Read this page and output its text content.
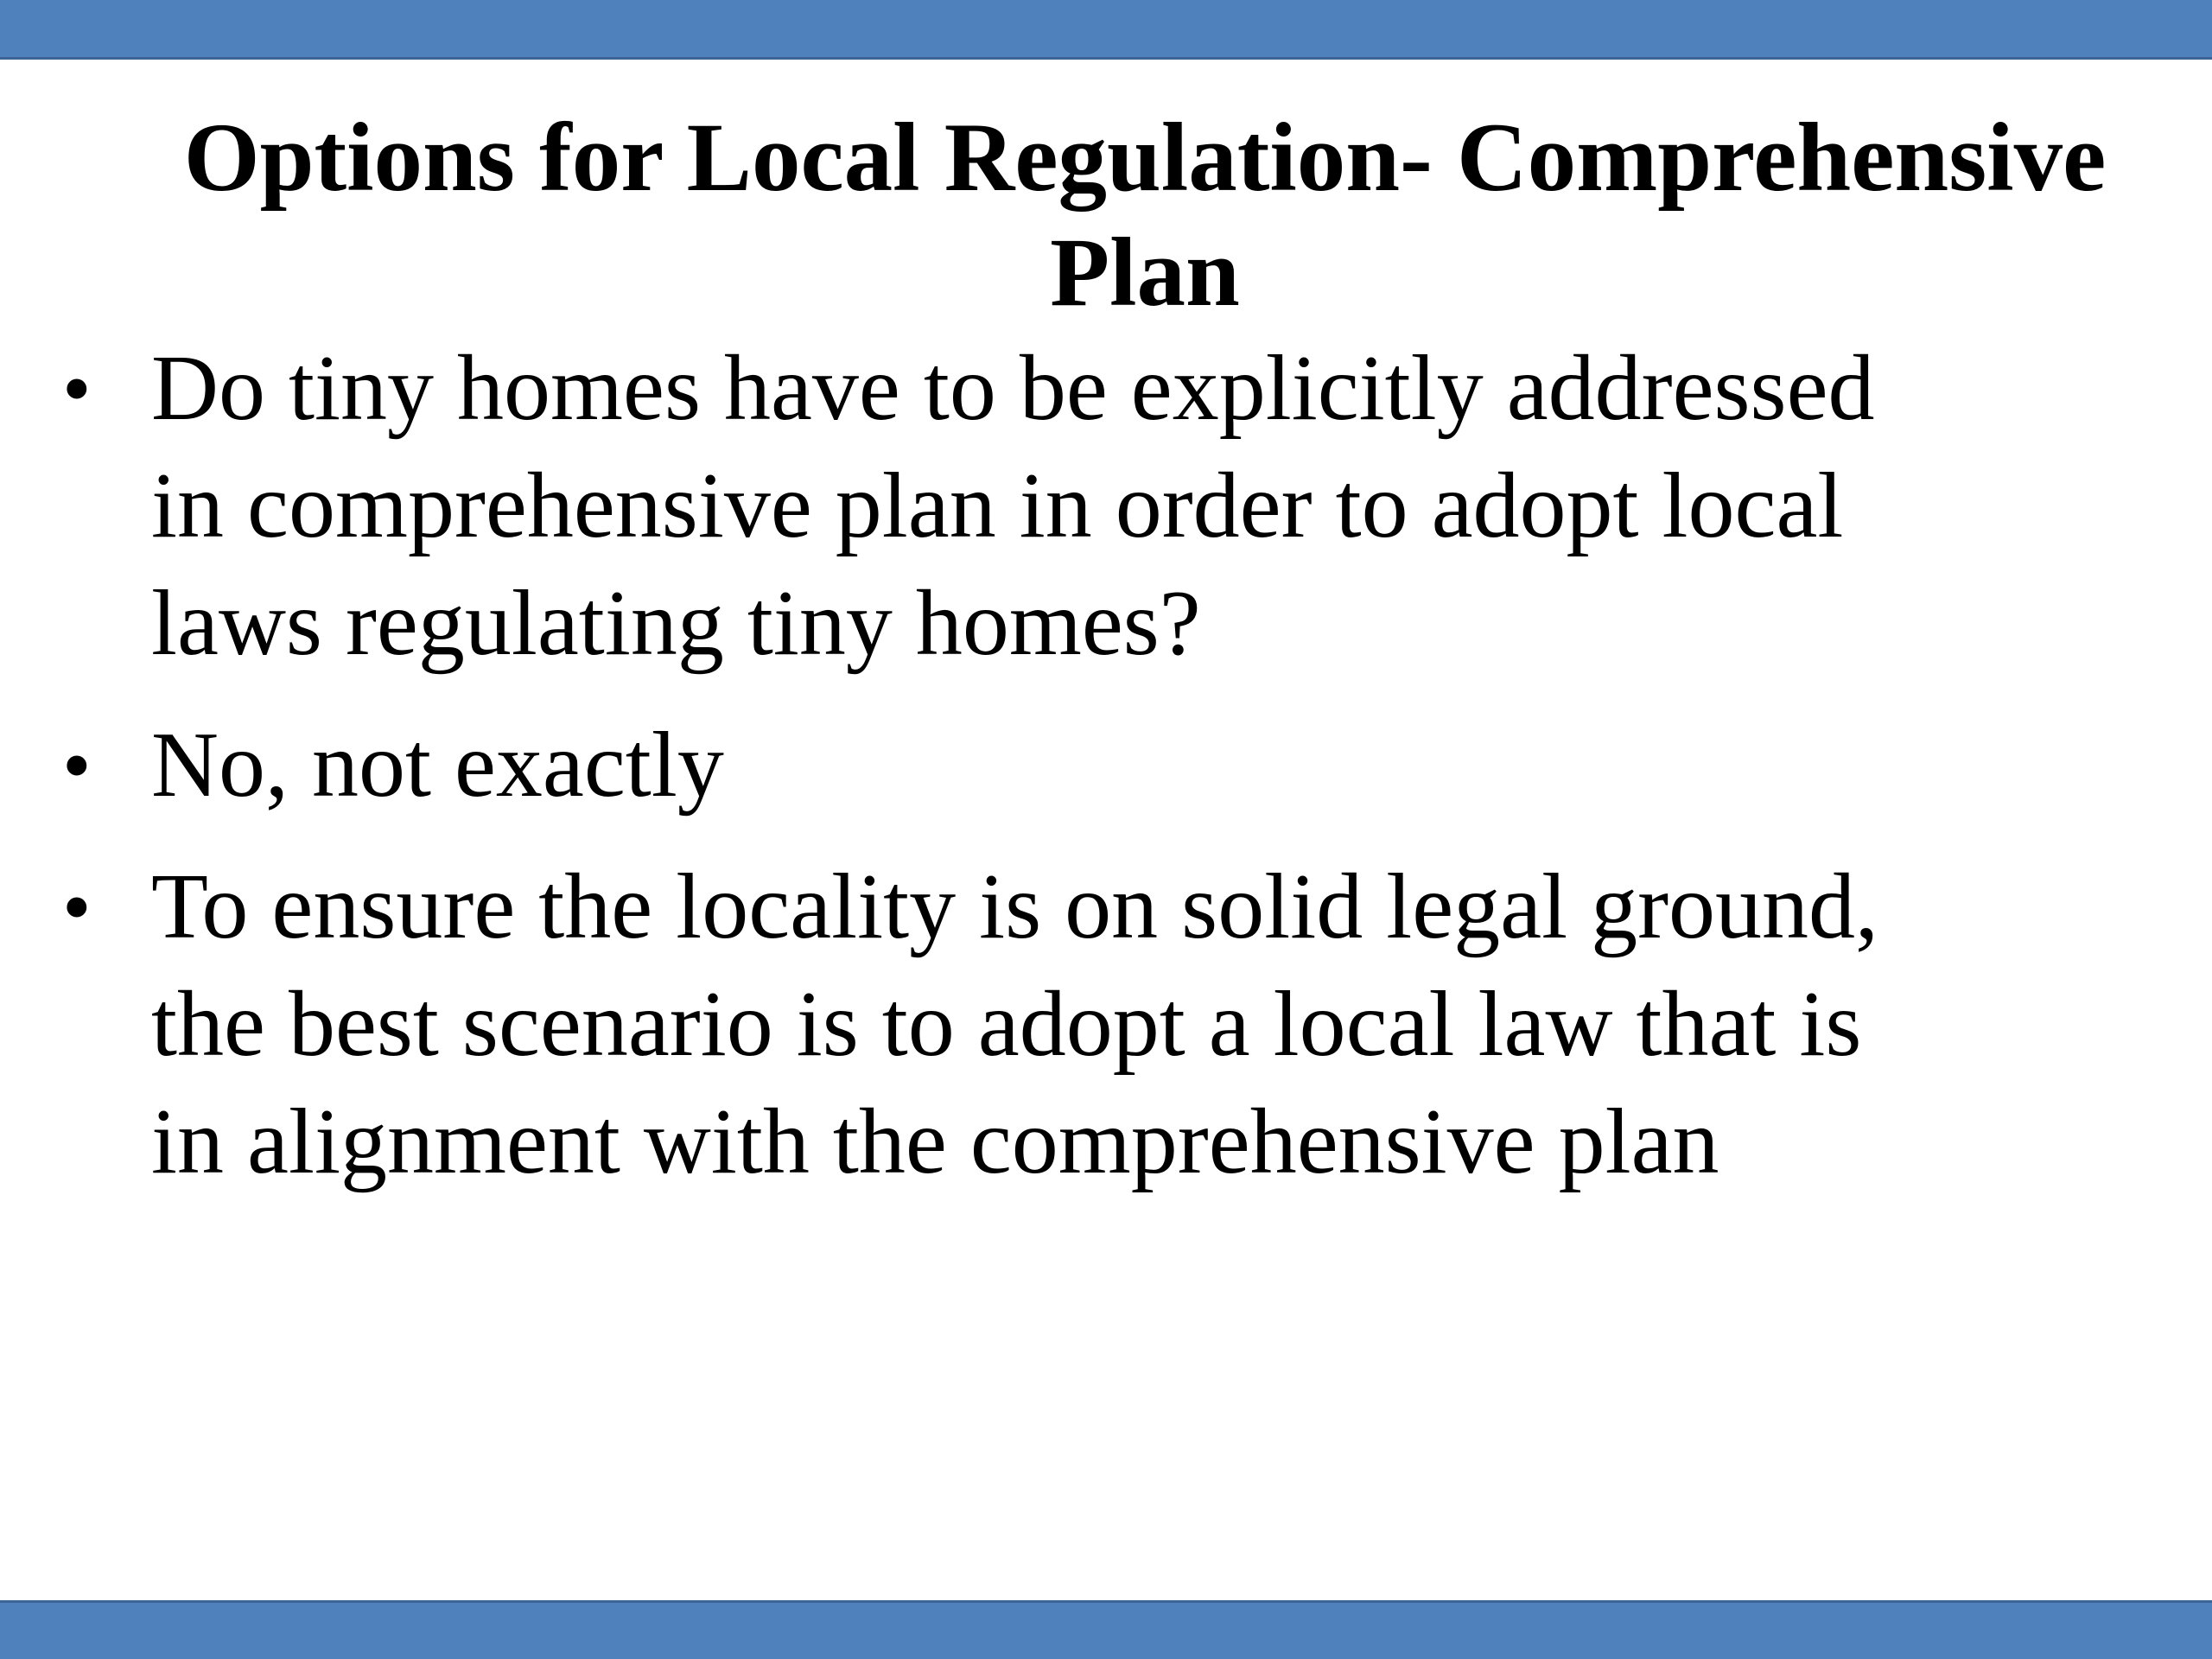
Options for Local Regulation- Comprehensive
Plan
• Do tiny homes have to be explicitly addressed
in comprehensive plan in order to adopt local
laws regulating tiny homes?
• No, not exactly
• To ensure the locality is on solid legal ground,
the best scenario is to adopt a local law that is
in alignment with the comprehensive plan
